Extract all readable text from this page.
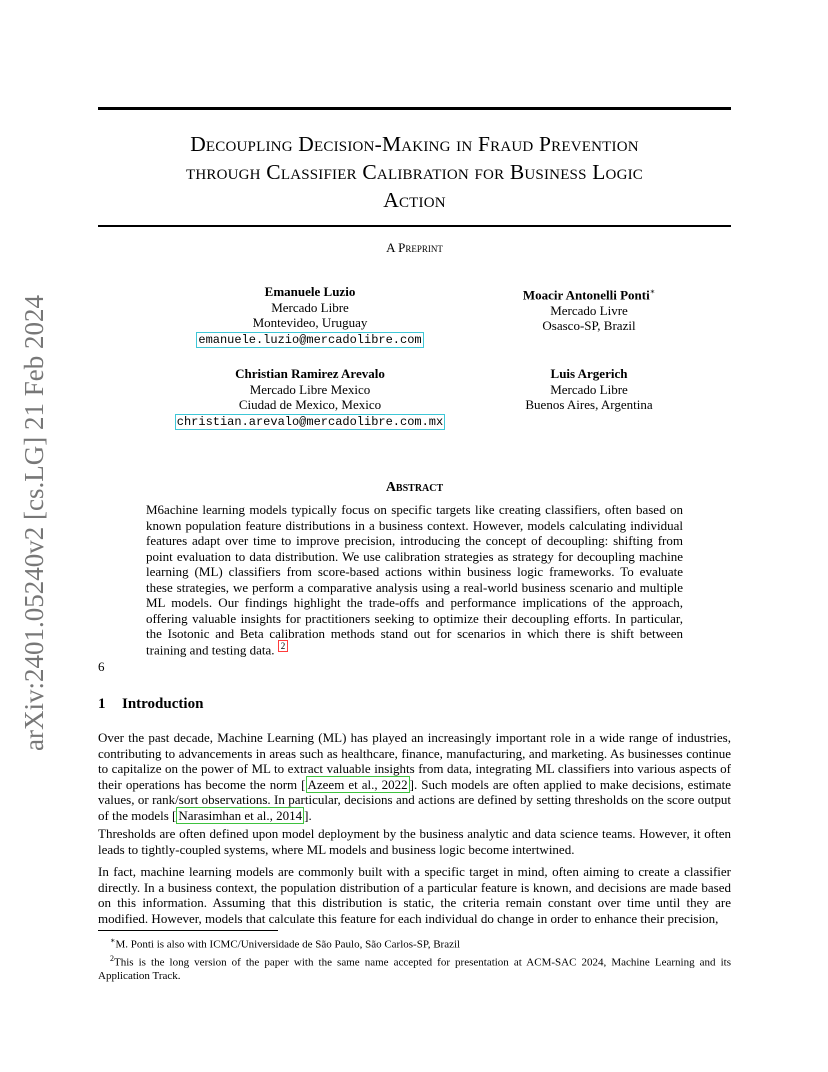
arXiv:2401.05240v2 [cs.LG] 21 Feb 2024
Decoupling Decision-Making in Fraud Prevention
through Classifier Calibration for Business Logic
Action
A Preprint
Emanuele Luzio
Mercado Libre
Montevideo, Uruguay
emanuele.luzio@mercadolibre.com
Moacir Antonelli Ponti∗
Mercado Livre
Osasco-SP, Brazil
Christian Ramirez Arevalo
Mercado Libre Mexico
Ciudad de Mexico, Mexico
christian.arevalo@mercadolibre.com.mx
Luis Argerich
Mercado Libre
Buenos Aires, Argentina
Abstract
M6achine learning models typically focus on specific targets like creating classifiers, often based on known population feature distributions in a business context. However, models calculating individual features adapt over time to improve precision, introducing the concept of decoupling: shifting from point evaluation to data distribution. We use calibration strategies as strategy for decoupling machine learning (ML) classifiers from score-based actions within business logic frameworks. To evaluate these strategies, we perform a comparative analysis using a real-world business scenario and multiple ML models. Our findings highlight the trade-offs and performance implications of the approach, offering valuable insights for practitioners seeking to optimize their decoupling efforts. In particular, the Isotonic and Beta calibration methods stand out for scenarios in which there is shift between training and testing data. $^2$
6
1 Introduction
Over the past decade, Machine Learning (ML) has played an increasingly important role in a wide range of industries, contributing to advancements in areas such as healthcare, finance, manufacturing, and marketing. As businesses continue to capitalize on the power of ML to extract valuable insights from data, integrating ML classifiers into various aspects of their operations has become the norm [ Azeem et al., 2022 ]. Such models are often applied to make decisions, estimate values, or rank/sort observations. In particular, decisions and actions are defined by setting thresholds on the score output of the models [ Narasimhan et al., 2014 ].
Thresholds are often defined upon model deployment by the business analytic and data science teams. However, it often leads to tightly-coupled systems, where ML models and business logic become intertwined.
In fact, machine learning models are commonly built with a specific target in mind, often aiming to create a classifier directly. In a business context, the population distribution of a particular feature is known, and decisions are made based on this information. Assuming that this distribution is static, the criteria remain constant over time until they are modified. However, models that calculate this feature for each individual do change in order to enhance their precision,

∗M. Ponti is also with ICMC/Universidade de São Paulo, São Carlos-SP, Brazil

$^2$This is the long version of the paper with the same name accepted for presentation at ACM-SAC 2024, Machine Learning and its Application Track.
